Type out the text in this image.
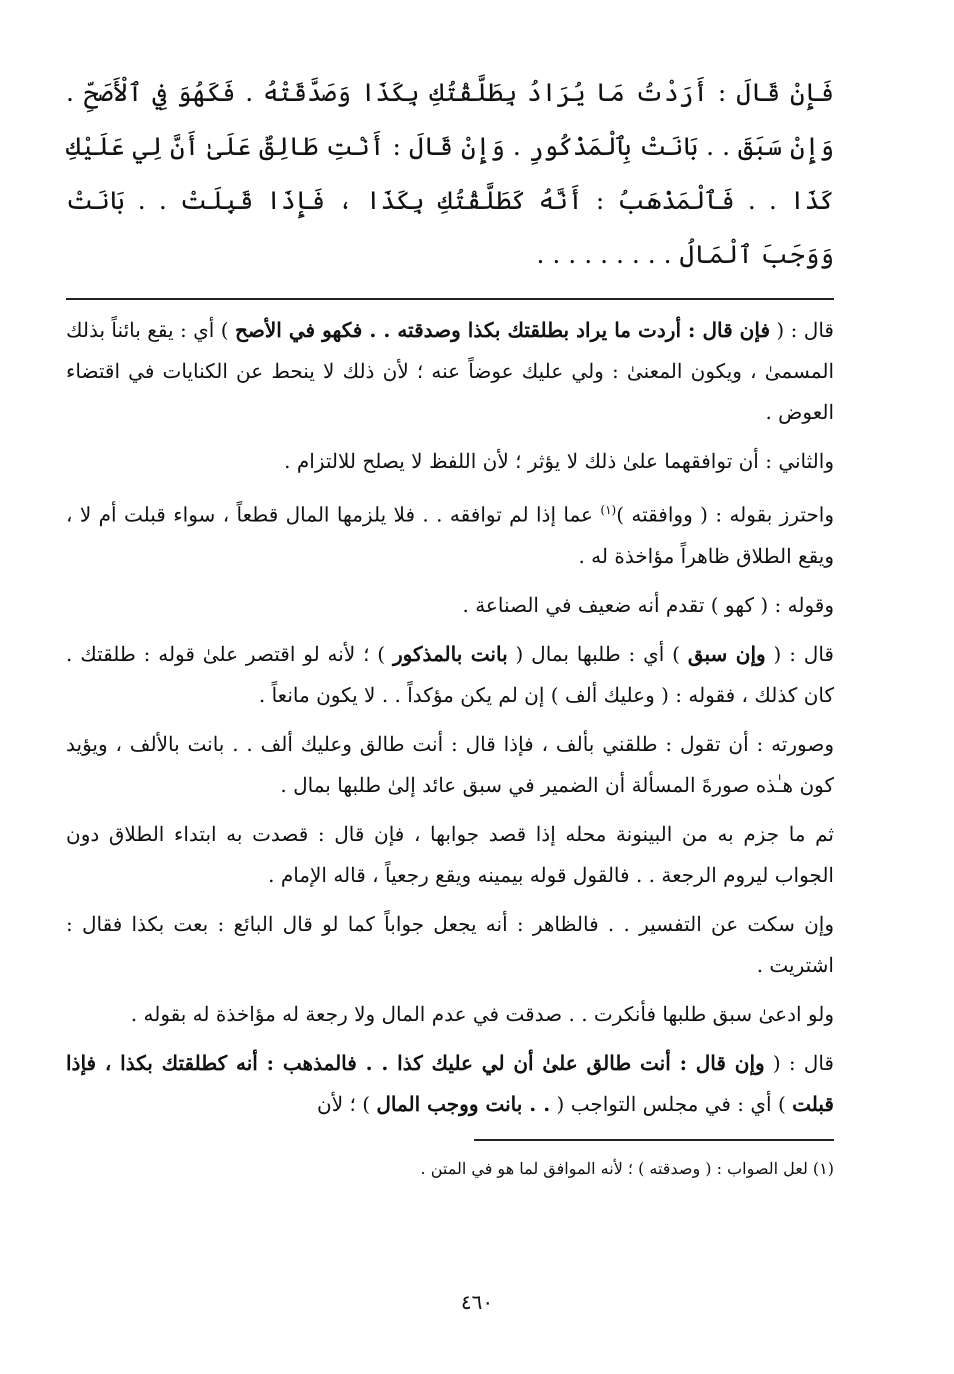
فَإِنْ قَالَ : أَرَدْتُ مَا يُرَادُ بِطَلَّقْتُكِ بِكَذَا وَصَدَّقَتْهُ . فَكَهُوَ فِي ٱلْأَصَحِّ . وَإِنْ سَبَقَ . . بَانَتْ بِٱلْمَذْكُورِ . وَإِنْ قَالَ : أَنْتِ طَالِقٌ عَلَىٰ أَنَّ لِي عَلَيْكِ كَذَا . . فَٱلْمَذْهَبُ : أَنَّهُ كَطَلَّقْتُكِ بِكَذَا ، فَإِذَا قَبِلَتْ . . بَانَتْ وَوَجَبَ ٱلْمَالُ . . . . . . . . .

قال : ( فإن قال : أردت ما يراد بطلقتك بكذا وصدقته . . فكهو في الأصح ) أي : يقع بائناً بذلك المسمىٰ ، ويكون المعنىٰ : ولي عليك عوضاً عنه ؛ لأن ذلك لا ينحط عن الكنايات في اقتضاء العوض .

والثاني : أن توافقهما علىٰ ذلك لا يؤثر ؛ لأن اللفظ لا يصلح للالتزام .

واحترز بقوله : ( ووافقته )$^{(١)}$ عما إذا لم توافقه . . فلا يلزمها المال قطعاً ، سواء قبلت أم لا ، ويقع الطلاق ظاهراً مؤاخذة له .

وقوله : ( كهو ) تقدم أنه ضعيف في الصناعة .

قال : ( وإن سبق ) أي : طلبها بمال ( بانت بالمذكور ) ؛ لأنه لو اقتصر علىٰ قوله : طلقتك . كان كذلك ، فقوله : ( وعليك ألف ) إن لم يكن مؤكداً . . لا يكون مانعاً .

وصورته : أن تقول : طلقني بألف ، فإذا قال : أنت طالق وعليك ألف . . بانت بالألف ، ويؤيد كون هـٰذه صورةَ المسألة أن الضمير في سبق عائد إلىٰ طلبها بمال .

ثم ما جزم به من البينونة محله إذا قصد جوابها ، فإن قال : قصدت به ابتداء الطلاق دون الجواب ليروم الرجعة . . فالقول قوله بيمينه ويقع رجعياً ، قاله الإمام .

وإن سكت عن التفسير . . فالظاهر : أنه يجعل جواباً كما لو قال البائع : بعت بكذا فقال : اشتريت .

ولو ادعىٰ سبق طلبها فأنكرت . . صدقت في عدم المال ولا رجعة له مؤاخذة له بقوله .

قال : ( وإن قال : أنت طالق علىٰ أن لي عليك كذا . . فالمذهب : أنه كطلقتك بكذا ، فإذا قبلت ) أي : في مجلس التواجب ( . . بانت ووجب المال ) ؛ لأن

(١) لعل الصواب : ( وصدقته ) ؛ لأنه الموافق لما هو في المتن .

٤٦٠
